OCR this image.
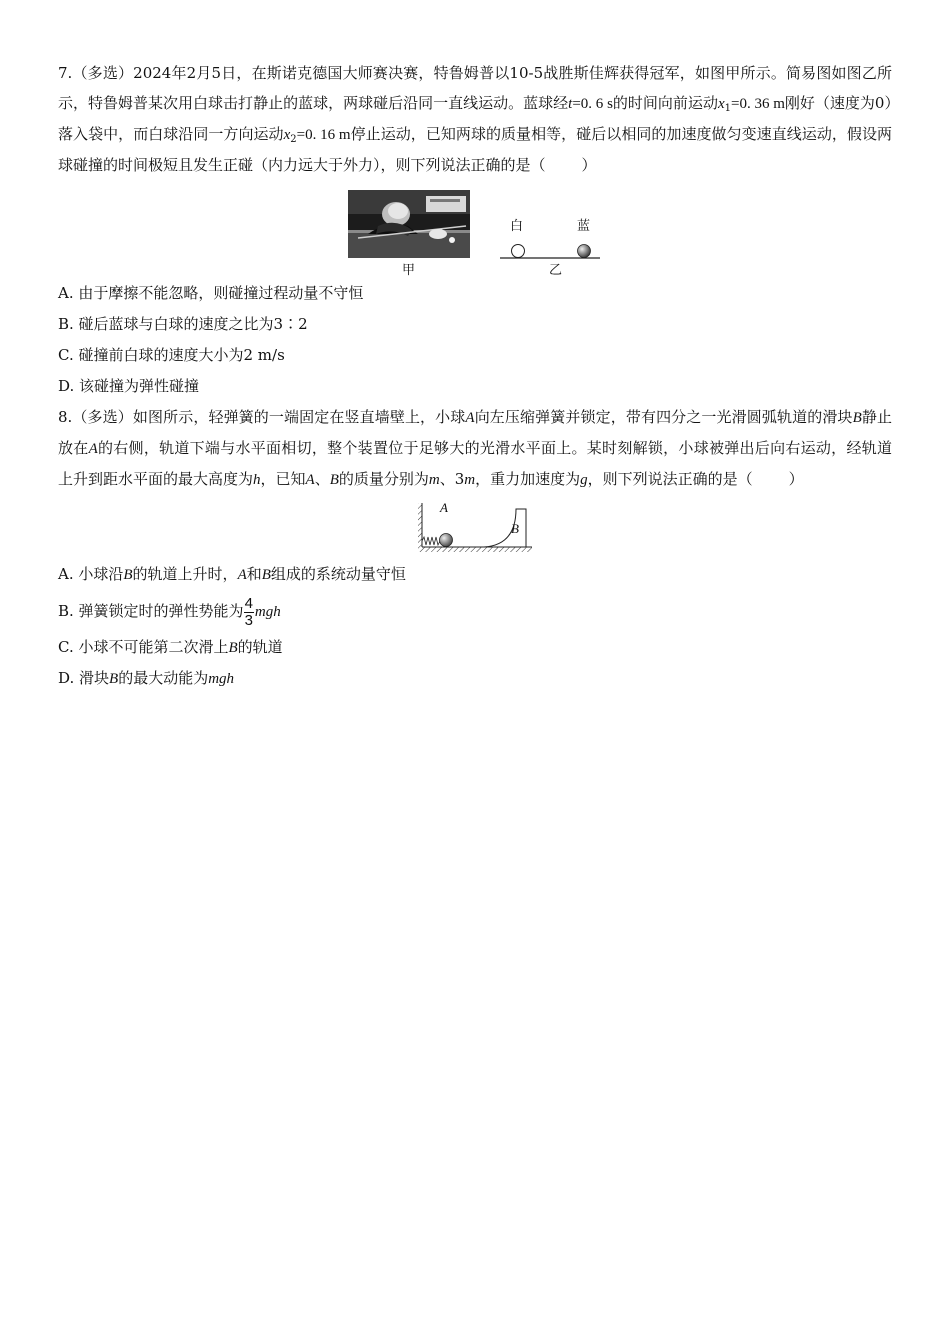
7.（多选）2024年2月5日，在斯诺克德国大师赛决赛，特鲁姆普以10-5战胜斯佳辉获得冠军，如图甲所示。简易图如图乙所示，特鲁姆普某次用白球击打静止的蓝球，两球碰后沿同一直线运动。蓝球经t=0. 6 s的时间向前运动$x_1=0$. 36 m刚好（速度为0）落入袋中，而白球沿同一方向运动$x_2=0$. 16 m停止运动，已知两球的质量相等，碰后以相同的加速度做匀变速直线运动，假设两球碰撞的时间极短且发生正碰（内力远大于外力），则下列说法正确的是（ ）

甲
白	蓝
乙

A. 由于摩擦不能忽略，则碰撞过程动量不守恒

B. 碰后蓝球与白球的速度之比为3∶2

C. 碰撞前白球的速度大小为2 m/s

D. 该碰撞为弹性碰撞

8.（多选）如图所示，轻弹簧的一端固定在竖直墙壁上，小球A向左压缩弹簧并锁定，带有四分之一光滑圆弧轨道的滑块B静止放在A的右侧，轨道下端与水平面相切，整个装置位于足够大的光滑水平面上。某时刻解锁，小球被弹出后向右运动，经轨道上升到距水平面的最大高度为h，已知A、B的质量分别为m、3m，重力加速度为g，则下列说法正确的是（ ）

A
B

A. 小球沿B的轨道上升时，A和B组成的系统动量守恒

B. 弹簧锁定时的弹性势能为 $\frac{4}{3}$ mgh

C. 小球不可能第二次滑上B的轨道

D. 滑块B的最大动能为mgh
